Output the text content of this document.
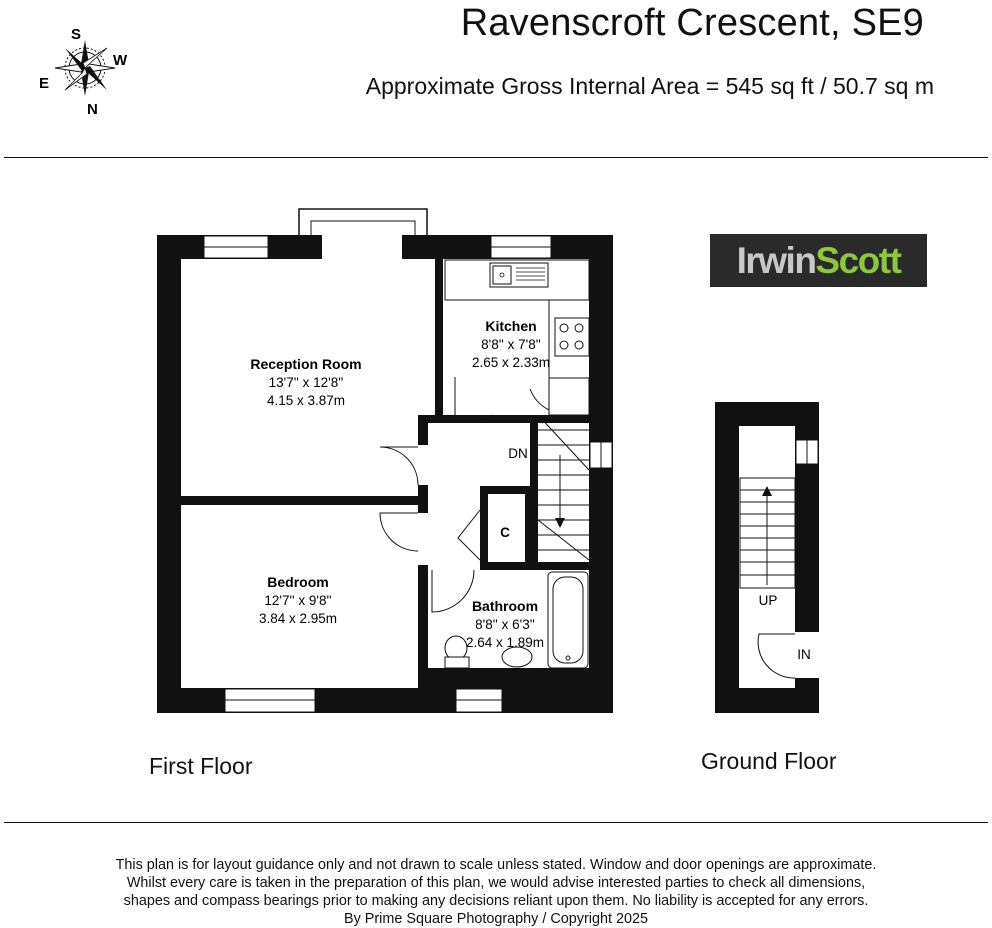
Ravenscroft Crescent, SE9
Approximate Gross Internal Area = 545 sq ft / 50.7 sq m
S
W
E
N
IrwinScott
Reception Room
13'7'' x 12'8''
4.15 x 3.87m
Kitchen
8'8'' x 7'8''
2.65 x 2.33m
Bedroom
12'7'' x 9'8''
3.84 x 2.95m
Bathroom
8'8'' x 6'3''
2.64 x 1.89m
DN
C
UP
IN
First Floor	Ground Floor
This plan is for layout guidance only and not drawn to scale unless stated. Window and door openings are approximate.
Whilst every care is taken in the preparation of this plan, we would advise interested parties to check all dimensions,
shapes and compass bearings prior to making any decisions reliant upon them. No liability is accepted for any errors.
By Prime Square Photography / Copyright 2025
